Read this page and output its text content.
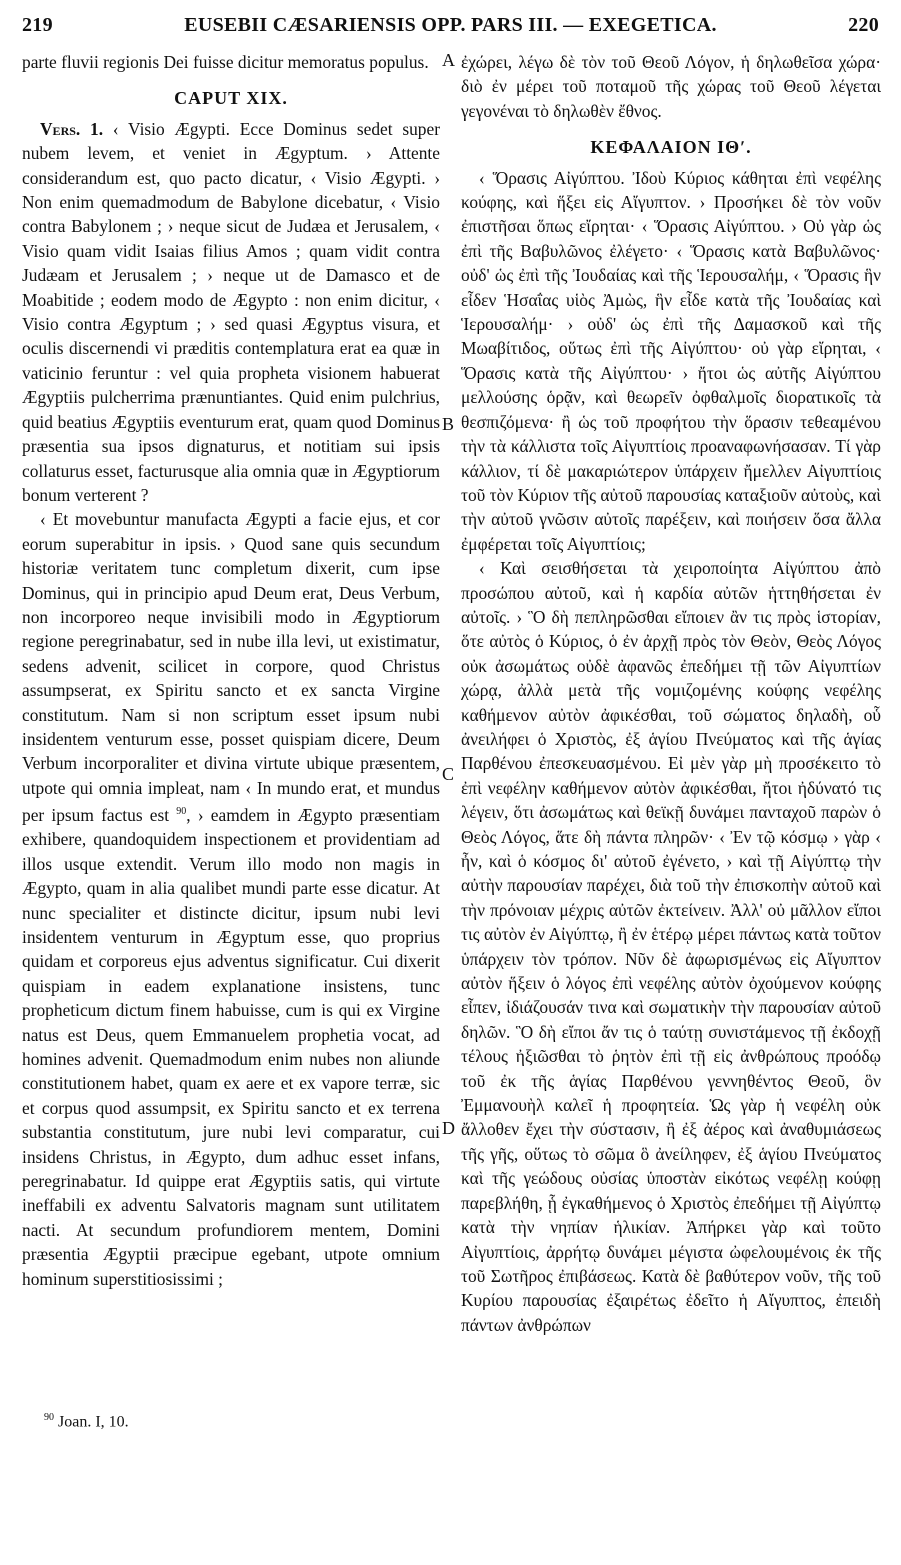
219	EUSEBII CÆSARIENSIS OPP. PARS III. — EXEGETICA.	220

parte fluvii regionis Dei fuisse dicitur memoratus populus.

CAPUT XIX.

Vers. 1. ‹ Visio Ægypti. Ecce Dominus sedet super nubem levem, et veniet in Ægyptum. › Attente considerandum est, quo pacto dicatur, ‹ Visio Ægypti. › Non enim quemadmodum de Babylone dicebatur, ‹ Visio contra Babylonem ; › neque sicut de Judæa et Jerusalem, ‹ Visio quam vidit Isaias filius Amos ; quam vidit contra Judæam et Jerusalem ; › neque ut de Damasco et de Moabitide ; eodem modo de Ægypto : non enim dicitur, ‹ Visio contra Ægyptum ; › sed quasi Ægyptus visura, et oculis discernendi vi præditis contemplatura erat ea quæ in vaticinio feruntur : vel quia propheta visionem habuerat Ægyptiis pulcherrima prænuntiantes. Quid enim pulchrius, quid beatius Ægyptiis eventurum erat, quam quod Dominus præsentia sua ipsos dignaturus, et notitiam sui ipsis collaturus esset, facturusque alia omnia quæ in Ægyptiorum bonum verterent ?

‹ Et movebuntur manufacta Ægypti a facie ejus, et cor eorum superabitur in ipsis. › Quod sane quis secundum historiæ veritatem tunc completum dixerit, cum ipse Dominus, qui in principio apud Deum erat, Deus Verbum, non incorporeo neque invisibili modo in Ægyptiorum regione peregrinabatur, sed in nube illa levi, ut existimatur, sedens advenit, scilicet in corpore, quod Christus assumpserat, ex Spiritu sancto et ex sancta Virgine constitutum. Nam si non scriptum esset ipsum nubi insidentem venturum esse, posset quispiam dicere, Deum Verbum incorporaliter et divina virtute ubique præsentem, utpote qui omnia impleat, nam ‹ In mundo erat, et mundus per ipsum factus est $^{90}$, › eamdem in Ægypto præsentiam exhibere, quandoquidem inspectionem et providentiam ad illos usque extendit. Verum illo modo non magis in Ægypto, quam in alia qualibet mundi parte esse dicatur. At nunc specialiter et distincte dicitur, ipsum nubi levi insidentem venturum in Ægyptum esse, quo proprius quidam et corporeus ejus adventus significatur. Cui dixerit quispiam in eadem explanatione insistens, tunc propheticum dictum finem habuisse, cum is qui ex Virgine natus est Deus, quem Emmanuelem prophetia vocat, ad homines advenit. Quemadmodum enim nubes non aliunde constitutionem habet, quam ex aere et ex vapore terræ, sic et corpus quod assumpsit, ex Spiritu sancto et ex terrena substantia constitutum, jure nubi levi comparatur, cui insidens Christus, in Ægypto, dum adhuc esset infans, peregrinabatur. Id quippe erat Ægyptiis satis, qui virtute ineffabili ex adventu Salvatoris magnam sunt utilitatem nacti. At secundum profundiorem mentem, Domini præsentia Ægyptii præcipue egebant, utpote omnium hominum superstitiosissimi ;

A
B
C
D

ἐχώρει, λέγω δὲ τὸν τοῦ Θεοῦ Λόγον, ἡ δηλωθεῖσα χώρα· διὸ ἐν μέρει τοῦ ποταμοῦ τῆς χώρας τοῦ Θεοῦ λέγεται γεγονέναι τὸ δηλωθὲν ἔθνος.

ΚΕΦΑΛΑΙΟΝ ΙΘʹ.

‹ Ὅρασις Αἰγύπτου. Ἰδοὺ Κύριος κάθηται ἐπὶ νεφέλης κούφης, καὶ ἥξει εἰς Αἴγυπτον. › Προσήκει δὲ τὸν νοῦν ἐπιστῆσαι ὅπως εἴρηται· ‹ Ὅρασις Αἰγύπτου. › Οὐ γὰρ ὡς ἐπὶ τῆς Βαβυλῶνος ἐλέγετο· ‹ Ὅρασις κατὰ Βαβυλῶνος· οὐδ' ὡς ἐπὶ τῆς Ἰουδαίας καὶ τῆς Ἱερουσαλήμ, ‹ Ὅρασις ἣν εἶδεν Ἡσαΐας υἱὸς Ἀμὼς, ἣν εἶδε κατὰ τῆς Ἰουδαίας καὶ Ἱερουσαλήμ· › οὐδ' ὡς ἐπὶ τῆς Δαμασκοῦ καὶ τῆς Μωαβίτιδος, οὕτως ἐπὶ τῆς Αἰγύπτου· οὐ γὰρ εἴρηται, ‹ Ὅρασις κατὰ τῆς Αἰγύπτου· › ἤτοι ὡς αὐτῆς Αἰγύπτου μελλούσης ὁρᾷν, καὶ θεωρεῖν ὀφθαλμοῖς διορατικοῖς τὰ θεσπιζόμενα· ἢ ὡς τοῦ προφήτου τὴν ὅρασιν τεθεαμένου τὴν τὰ κάλλιστα τοῖς Αἰγυπτίοις προαναφωνήσασαν. Τί γὰρ κάλλιον, τί δὲ μακαριώτερον ὑπάρχειν ἤμελλεν Αἰγυπτίοις τοῦ τὸν Κύριον τῆς αὐτοῦ παρουσίας καταξιοῦν αὐτοὺς, καὶ τὴν αὐτοῦ γνῶσιν αὐτοῖς παρέξειν, καὶ ποιήσειν ὅσα ἄλλα ἐμφέρεται τοῖς Αἰγυπτίοις;

‹ Καὶ σεισθήσεται τὰ χειροποίητα Αἰγύπτου ἀπὸ προσώπου αὐτοῦ, καὶ ἡ καρδία αὐτῶν ἡττηθήσεται ἐν αὐτοῖς. › Ὃ δὴ πεπληρῶσθαι εἴποιεν ἂν τις πρὸς ἱστορίαν, ὅτε αὐτὸς ὁ Κύριος, ὁ ἐν ἀρχῇ πρὸς τὸν Θεὸν, Θεὸς Λόγος οὐκ ἀσωμάτως οὐδὲ ἀφανῶς ἐπεδήμει τῇ τῶν Αἰγυπτίων χώρᾳ, ἀλλὰ μετὰ τῆς νομιζομένης κούφης νεφέλης καθήμενον αὐτὸν ἀφικέσθαι, τοῦ σώματος δηλαδὴ, οὗ ἀνειλήφει ὁ Χριστὸς, ἐξ ἁγίου Πνεύματος καὶ τῆς ἁγίας Παρθένου ἐπεσκευασμένου. Εἰ μὲν γὰρ μὴ προσέκειτο τὸ ἐπὶ νεφέλην καθήμενον αὐτὸν ἀφικέσθαι, ἤτοι ἠδύνατό τις λέγειν, ὅτι ἀσωμάτως καὶ θεϊκῇ δυνάμει πανταχοῦ παρὼν ὁ Θεὸς Λόγος, ἅτε δὴ πάντα πληρῶν· ‹ Ἐν τῷ κόσμῳ › γὰρ ‹ ἦν, καὶ ὁ κόσμος δι' αὐτοῦ ἐγένετο, › καὶ τῇ Αἰγύπτῳ τὴν αὐτὴν παρουσίαν παρέχει, διὰ τοῦ τὴν ἐπισκοπὴν αὐτοῦ καὶ τὴν πρόνοιαν μέχρις αὐτῶν ἐκτείνειν. Ἀλλ' οὐ μᾶλλον εἴποι τις αὐτὸν ἐν Αἰγύπτῳ, ἢ ἐν ἑτέρῳ μέρει πάντως κατὰ τοῦτον ὑπάρχειν τὸν τρόπον. Νῦν δὲ ἀφωρισμένως εἰς Αἴγυπτον αὐτὸν ἥξειν ὁ λόγος ἐπὶ νεφέλης αὐτὸν ὀχούμενον κούφης εἶπεν, ἰδιάζουσάν τινα καὶ σωματικὴν τὴν παρουσίαν αὐτοῦ δηλῶν. Ὃ δὴ εἴποι ἄν τις ὁ ταύτῃ συνιστάμενος τῇ ἐκδοχῇ τέλους ἠξιῶσθαι τὸ ῥητὸν ἐπὶ τῇ εἰς ἀνθρώπους προόδῳ τοῦ ἐκ τῆς ἁγίας Παρθένου γεννηθέντος Θεοῦ, ὃν Ἐμμανουὴλ καλεῖ ἡ προφητεία. Ὡς γὰρ ἡ νεφέλη οὐκ ἄλλοθεν ἔχει τὴν σύστασιν, ἢ ἐξ ἀέρος καὶ ἀναθυμιάσεως τῆς γῆς, οὕτως τὸ σῶμα ὃ ἀνείληφεν, ἐξ ἁγίου Πνεύματος καὶ τῆς γεώδους οὐσίας ὑποστὰν εἰκότως νεφέλῃ κούφῃ παρεβλήθη, ᾗ ἐγκαθήμενος ὁ Χριστὸς ἐπεδήμει τῇ Αἰγύπτῳ κατὰ τὴν νηπίαν ἡλικίαν. Ἀπήρκει γὰρ καὶ τοῦτο Αἰγυπτίοις, ἀρρήτῳ δυνάμει μέγιστα ὠφελουμένοις ἐκ τῆς τοῦ Σωτῆρος ἐπιβάσεως. Κατὰ δὲ βαθύτερον νοῦν, τῆς τοῦ Κυρίου παρουσίας ἐξαιρέτως ἐδεῖτο ἡ Αἴγυπτος, ἐπειδὴ πάντων ἀνθρώπων

$^{90}$ Joan. I, 10.
